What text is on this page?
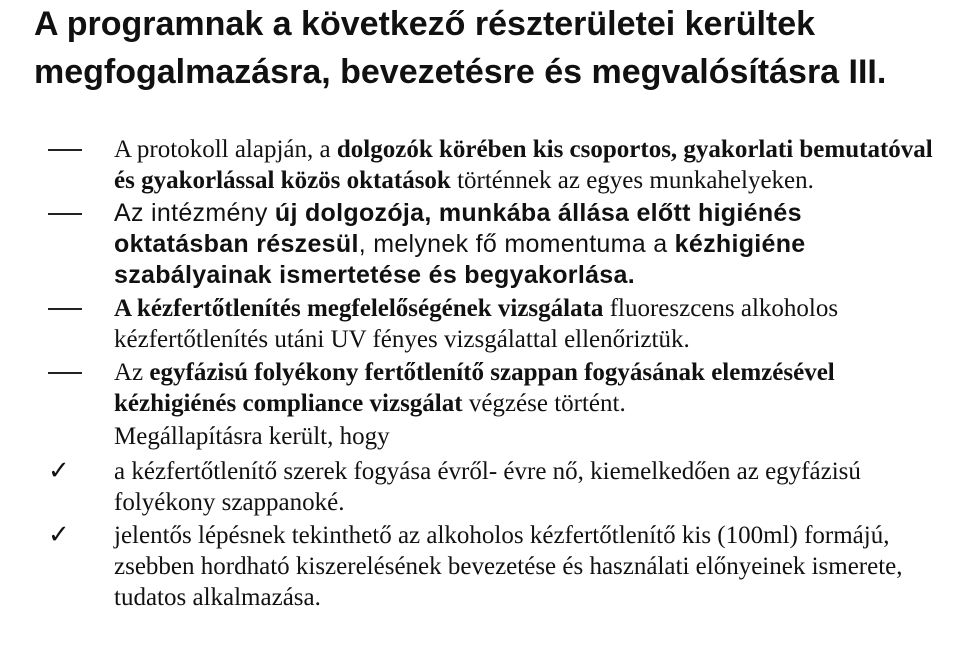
A programnak a következő részterületei kerültek megfogalmazásra, bevezetésre és megvalósításra III.
A protokoll alapján, a dolgozók körében kis csoportos, gyakorlati bemutatóval és gyakorlással közös oktatások történnek az egyes munkahelyeken.
Az intézmény új dolgozója, munkába állása előtt higiénés oktatásban részesül, melynek fő momentuma a kézhigiéne szabályainak ismertetése és begyakorlása.
A kézfertőtlenítés megfelelőségének vizsgálata fluoreszcens alkoholos kézfertőtlenítés utáni UV fényes vizsgálattal ellenőriztük.
Az egyfázisú folyékony fertőtlenítő szappan fogyásának elemzésével kézhigiénés compliance vizsgálat végzése történt.
Megállapításra került, hogy
✓ a kézfertőtlenítő szerek fogyása évről- évre nő, kiemelkedően az egyfázisú folyékony szappanoké.
✓ jelentős lépésnek tekinthető az alkoholos kézfertőtlenítő kis (100ml) formájú, zsebben hordható kiszerelésének bevezetése és használati előnyeinek ismerete, tudatos alkalmazása.
